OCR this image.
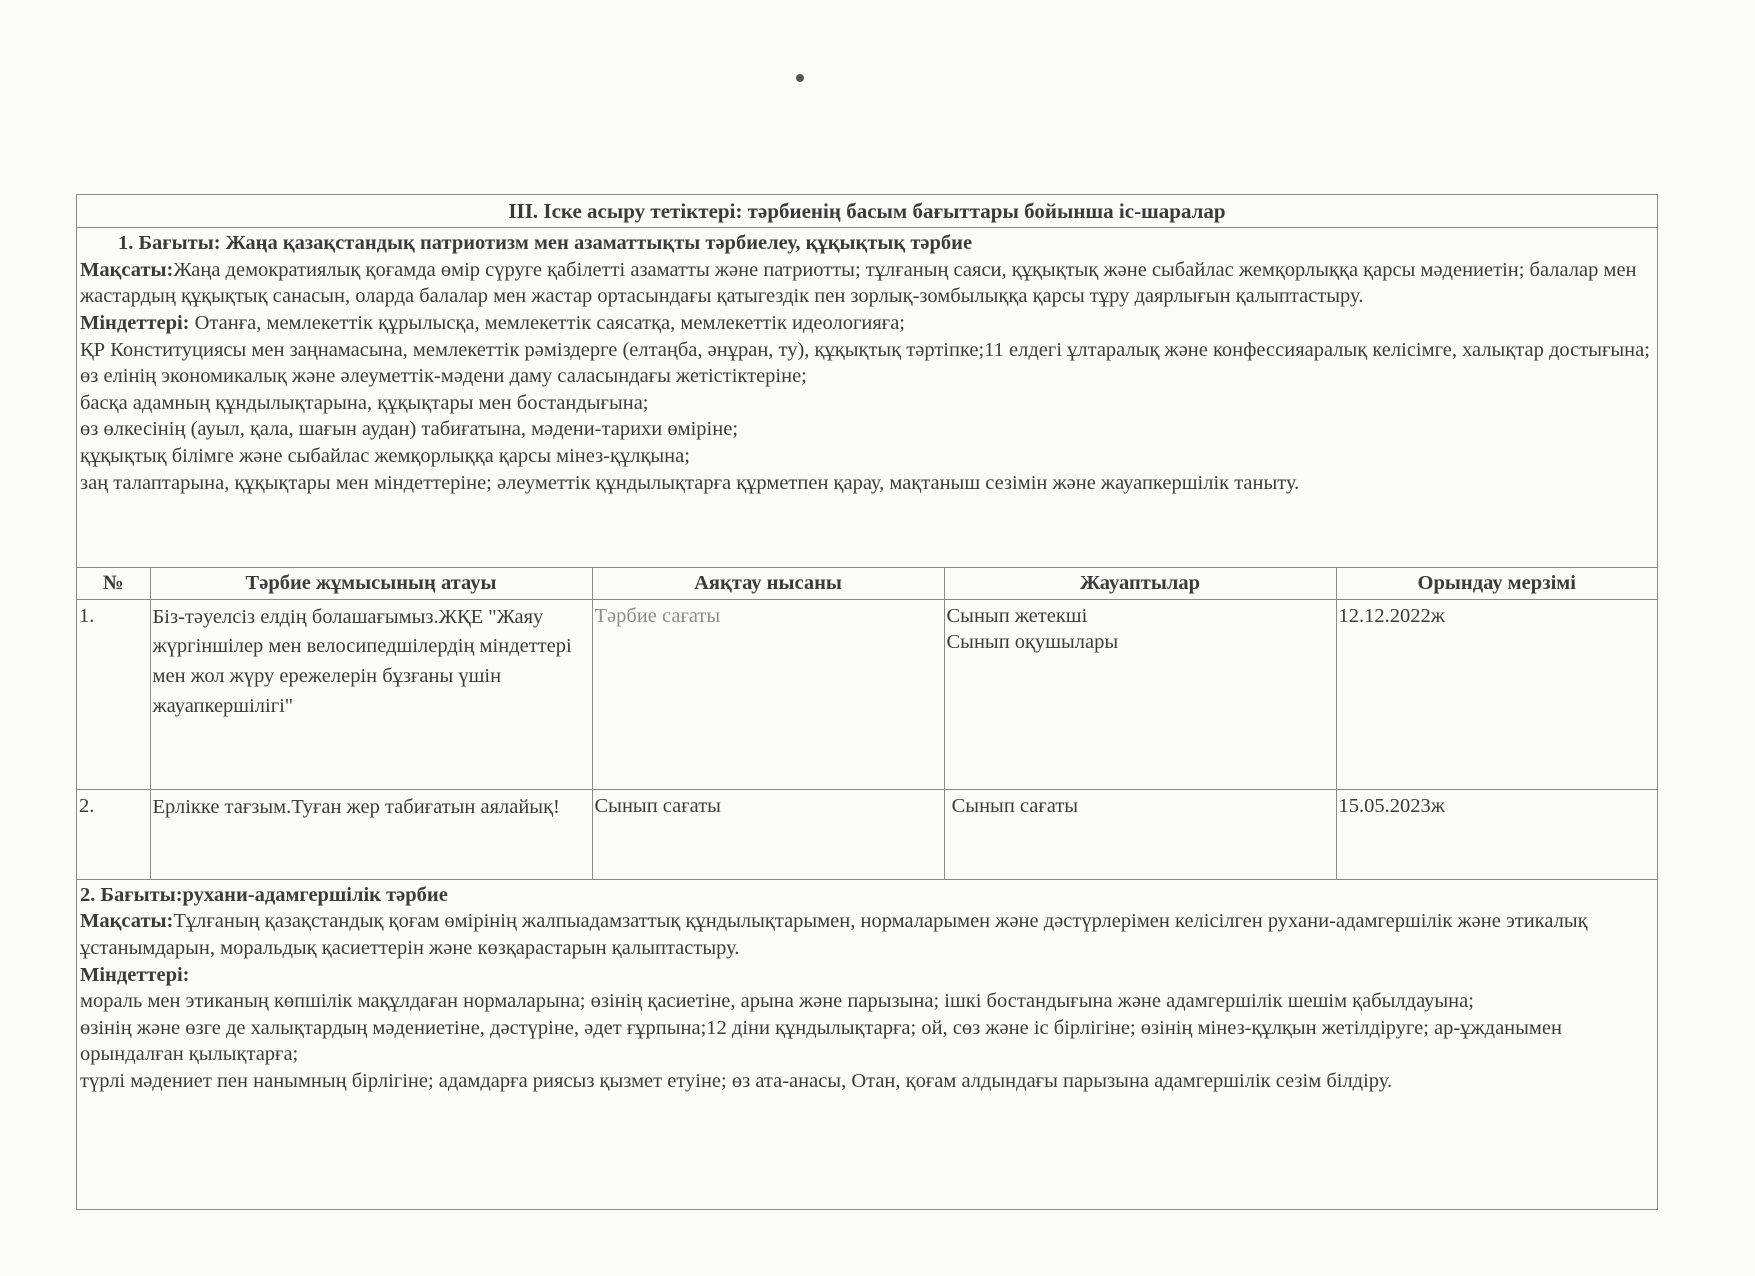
ІІІ. Іске асыру тетіктері: тәрбиенің басым бағыттары бойынша іс-шаралар

1. Бағыты: Жаңа қазақстандық патриотизм мен азаматтықты тәрбиелеу, құқықтық тәрбие

Мақсаты:Жаңа демократиялық қоғамда өмір сүруге қабілетті азаматты және патриотты; тұлғаның саяси, құқықтық және сыбайлас жемқорлыққа қарсы мәдениетін; балалар мен жастардың құқықтық санасын, оларда балалар мен жастар ортасындағы қатыгездік пен зорлық-зомбылыққа қарсы тұру даярлығын қалыптастыру.

Міндеттері: Отанға, мемлекеттік құрылысқа, мемлекеттік саясатқа, мемлекеттік идеологияға;

ҚР Конституциясы мен заңнамасына, мемлекеттік рәміздерге (елтаңба, әнұран, ту), құқықтық тәртіпке;11 елдегі ұлтаралық және конфессияаралық келісімге, халықтар достығына; өз елінің экономикалық және әлеуметтік-мәдени даму саласындағы жетістіктеріне;

басқа адамның құндылықтарына, құқықтары мен бостандығына;

өз өлкесінің (ауыл, қала, шағын аудан) табиғатына, мәдени-тарихи өміріне;

құқықтық білімге және сыбайлас жемқорлыққа қарсы мінез-құлқына;

заң талаптарына, құқықтары мен міндеттеріне; әлеуметтік құндылықтарға құрметпен қарау, мақтаныш сезімін және жауапкершілік таныту.

№	Тәрбие жұмысының атауы	Аяқтау нысаны	Жауаптылар	Орындау мерзімі
1.	Біз-тәуелсіз елдің болашағымыз.ЖҚЕ "Жаяу жүргіншілер мен велосипедшілердің міндеттері мен жол жүру ережелерін бұзғаны үшін жауапкершілігі"	Тәрбие сағаты	Сынып жетекші
Сынып оқушылары	12.12.2022ж
2.	Ерлікке тағзым.Туған жер табиғатын аялайық!	Сынып сағаты	Сынып сағаты	15.05.2023ж

2. Бағыты:рухани-адамгершілік тәрбие

Мақсаты:Тұлғаның қазақстандық қоғам өмірінің жалпыадамзаттық құндылықтарымен, нормаларымен және дәстүрлерімен келісілген рухани-адамгершілік және этикалық ұстанымдарын, моральдық қасиеттерін және көзқарастарын қалыптастыру.

Міндеттері:

мораль мен этиканың көпшілік мақұлдаған нормаларына; өзінің қасиетіне, арына және парызына; ішкі бостандығына және адамгершілік шешім қабылдауына;

өзінің және өзге де халықтардың мәдениетіне, дәстүріне, әдет ғұрпына;12 діни құндылықтарға; ой, сөз және іс бірлігіне; өзінің мінез-құлқын жетілдіруге; ар-ұжданымен орындалған қылықтарға;

түрлі мәдениет пен нанымның бірлігіне; адамдарға риясыз қызмет етуіне; өз ата-анасы, Отан, қоғам алдындағы парызына адамгершілік сезім білдіру.
